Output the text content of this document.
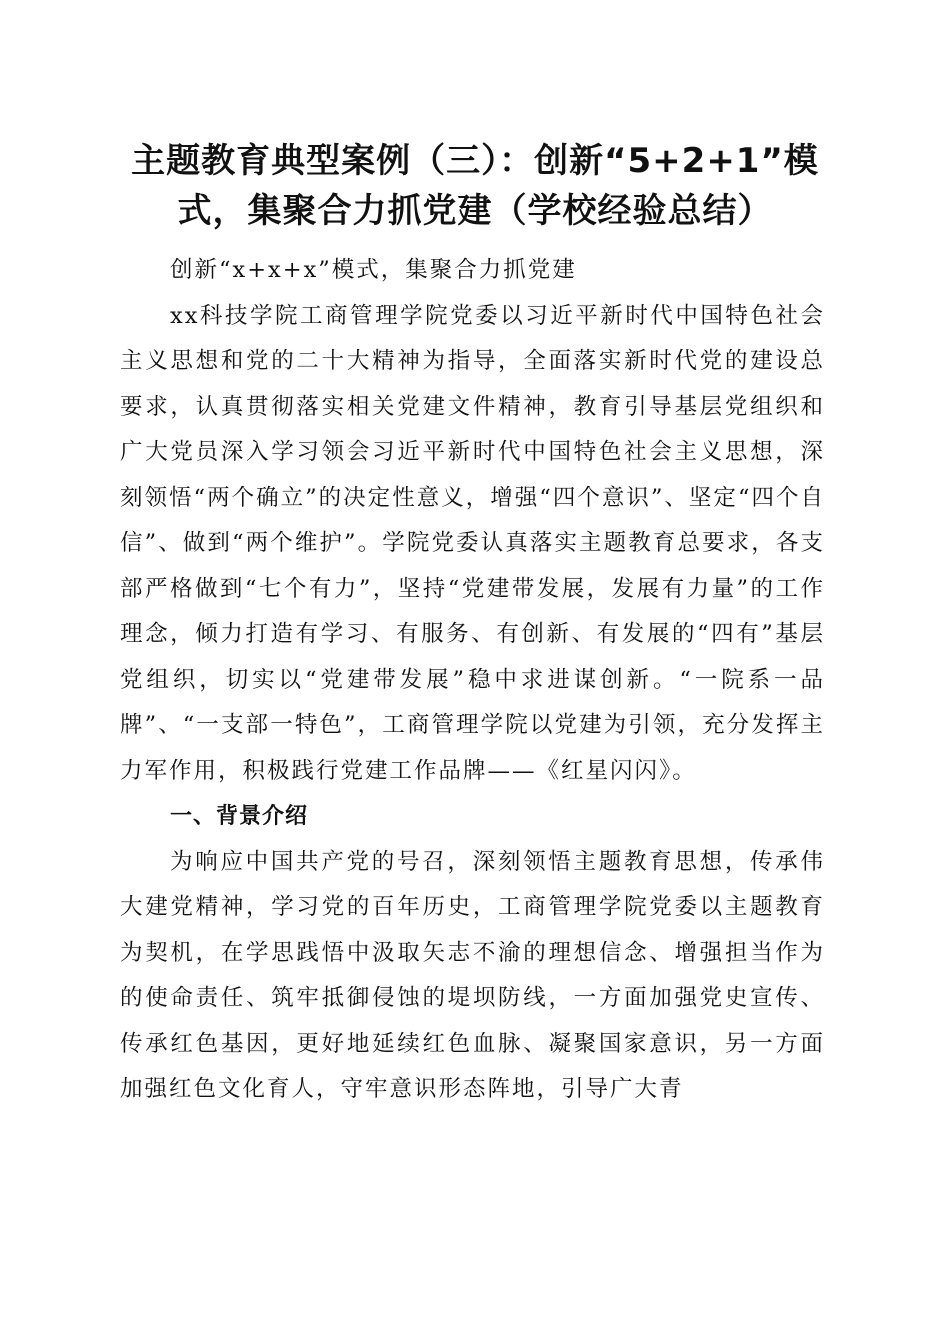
主题教育典型案例（三）：创新“5+2+1”模式，集聚合力抓党建（学校经验总结）

创新“x+x+x”模式，集聚合力抓党建

xx科技学院工商管理学院党委以习近平新时代中国特色社会主义思想和党的二十大精神为指导，全面落实新时代党的建设总要求，认真贯彻落实相关党建文件精神，教育引导基层党组织和广大党员深入学习领会习近平新时代中国特色社会主义思想，深刻领悟“两个确立”的决定性意义，增强“四个意识”、坚定“四个自信”、做到“两个维护”。学院党委认真落实主题教育总要求，各支部严格做到“七个有力”，坚持“党建带发展，发展有力量”的工作理念，倾力打造有学习、有服务、有创新、有发展的“四有”基层党组织，切实以“党建带发展”稳中求进谋创新。“一院系一品牌”、“一支部一特色”，工商管理学院以党建为引领，充分发挥主力军作用，积极践行党建工作品牌——《红星闪闪》。

一、背景介绍

为响应中国共产党的号召，深刻领悟主题教育思想，传承伟大建党精神，学习党的百年历史，工商管理学院党委以主题教育为契机，在学思践悟中汲取矢志不渝的理想信念、增强担当作为的使命责任、筑牢抵御侵蚀的堤坝防线，一方面加强党史宣传、传承红色基因，更好地延续红色血脉、凝聚国家意识，另一方面加强红色文化育人，守牢意识形态阵地，引导广大青
